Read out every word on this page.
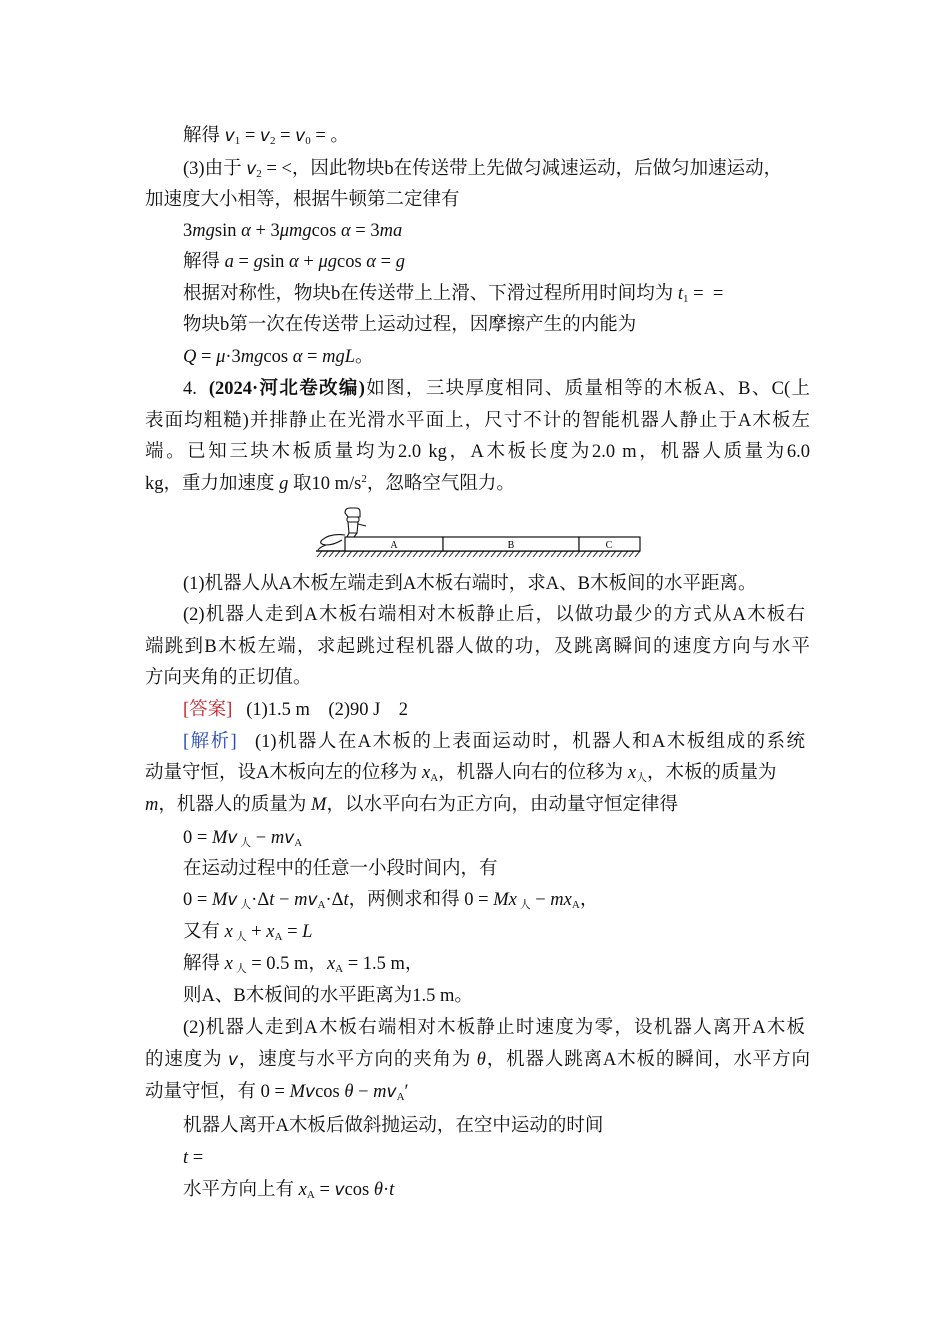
解得 $v_1 = v_2 = v_0$ = 。
(3)由于 $v_2$ = <，因此物块b在传送带上先做匀减速运动，后做匀加速运动，
加速度大小相等，根据牛顿第二定律有
3mgsin α + 3μmgcos α = 3ma
解得 a = gsin α + μgcos α = g
根据对称性，物块b在传送带上上滑、下滑过程所用时间均为 $t_1$ =  =
物块b第一次在传送带上运动过程，因摩擦产生的内能为
Q = μ·3mgcos α = mgL。
4. (2024·河北卷改编)如图，三块厚度相同、质量相等的木板A、B、C(上
表面均粗糙)并排静止在光滑水平面上，尺寸不计的智能机器人静止于A木板左
端。已知三块木板质量均为2.0 kg，A木板长度为2.0 m，机器人质量为6.0
kg，重力加速度 g 取10 $m/s^2$，忽略空气阻力。
A	B	C
(1)机器人从A木板左端走到A木板右端时，求A、B木板间的水平距离。
(2)机器人走到A木板右端相对木板静止后，以做功最少的方式从A木板右
端跳到B木板左端，求起跳过程机器人做的功，及跳离瞬间的速度方向与水平
方向夹角的正切值。
[答案] (1)1.5 m　(2)90 J　2
[解析] (1)机器人在A木板的上表面运动时，机器人和A木板组成的系统
动量守恒，设A木板向左的位移为 $x_A$，机器人向右的位移为 $x_人$，木板的质量为
m，机器人的质量为 M，以水平向右为正方向，由动量守恒定律得
0 = Mv $_人 - mv_A$
在运动过程中的任意一小段时间内，有
0 = Mv $_人\cdot\Delta t - mv_A\cdot\Delta t$，两侧求和得 0 = Mx $_人 - mx_A$，
又有 x $_人 + x_A = L$
解得 x $_人$ = 0.5 m，$x_A = 1.5$ m，
则A、B木板间的水平距离为1.5 m。
(2)机器人走到A木板右端相对木板静止时速度为零，设机器人离开A木板
的速度为 v，速度与水平方向的夹角为 θ，机器人跳离A木板的瞬间，水平方向
动量守恒，有 0 = Mvcos $\theta - mv_A'$
机器人离开A木板后做斜抛运动，在空中运动的时间
t =
水平方向上有 $x_A = vcos$ θ·t
